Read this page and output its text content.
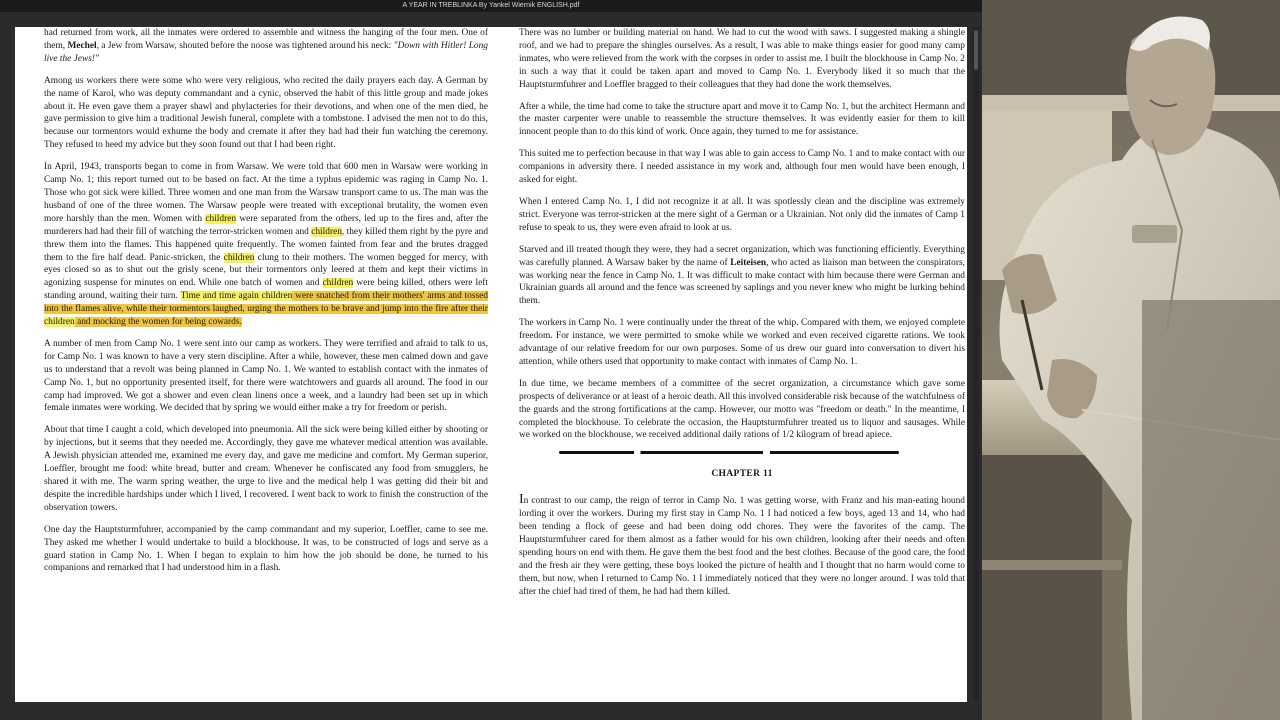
A YEAR IN TREBLINKA By Yankel Wiernik ENGLISH.pdf

had returned from work, all the inmates were ordered to assemble and witness the hanging of the four men. One of them, Mechel, a Jew from Warsaw, shouted before the noose was tightened around his neck: "Down with Hitler! Long live the Jews!"

Among us workers there were some who were very religious, who recited the daily prayers each day. A German by the name of Karol, who was deputy commandant and a cynic, observed the habit of this little group and made jokes about it. He even gave them a prayer shawl and phylacteries for their devotions, and when one of the men died, he gave permission to give him a traditional Jewish funeral, complete with a tombstone. I advised the men not to do this, because our tormentors would exhume the body and cremate it after they had had their fun watching the ceremony. They refused to heed my advice but they soon found out that I had been right.

In April, 1943, transports began to come in from Warsaw. We were told that 600 men in Warsaw were working in Camp No. 1; this report turned out to be based on fact. At the time a typhus epidemic was raging in Camp No. 1. Those who got sick were killed. Three women and one man from the Warsaw transport came to us. The man was the husband of one of the three women. The Warsaw people were treated with exceptional brutality, the women even more harshly than the men. Women with children were separated from the others, led up to the fires and, after the murderers had had their fill of watching the terror-stricken women and children, they killed them right by the pyre and threw them into the flames. This happened quite frequently. The women fainted from fear and the brutes dragged them to the fire half dead. Panic-stricken, the children clung to their mothers. The women begged for mercy, with eyes closed so as to shut out the grisly scene, but their tormentors only leered at them and kept their victims in agonizing suspense for minutes on end. While one batch of women and children were being killed, others were left standing around, waiting their turn. Time and time again children were snatched from their mothers' arms and tossed into the flames alive, while their tormentors laughed, urging the mothers to be brave and jump into the fire after their children and mocking the women for being cowards.

A number of men from Camp No. 1 were sent into our camp as workers. They were terrified and afraid to talk to us, for Camp No. 1 was known to have a very stern discipline. After a while, however, these men calmed down and gave us to understand that a revolt was being planned in Camp No. 1. We wanted to establish contact with the inmates of Camp No. 1, but no opportunity presented itself, for there were watchtowers and guards all around. The food in our camp had improved. We got a shower and even clean linens once a week, and a laundry had been set up in which female inmates were working. We decided that by spring we would either make a try for freedom or perish.

About that time I caught a cold, which developed into pneumonia. All the sick were being killed either by shooting or by injections, but it seems that they needed me. Accordingly, they gave me whatever medical attention was available. A Jewish physician attended me, examined me every day, and gave me medicine and comfort. My German superior, Loeffler, brought me food: white bread, butter and cream. Whenever he confiscated any food from smugglers, he shared it with me. The warm spring weather, the urge to live and the medical help I was getting did their bit and despite the incredible hardships under which I lived, I recovered. I went back to work to finish the construction of the observation towers.

One day the Hauptsturmfuhrer, accompanied by the camp commandant and my superior, Loeffler, came to see me. They asked me whether I would undertake to build a blockhouse. It was, to be constructed of logs and serve as a guard station in Camp No. 1. When I began to explain to him how the job should be done, he turned to his companions and remarked that I had understood him in a flash.

There was no lumber or building material on hand. We had to cut the wood with saws. I suggested making a shingle roof, and we had to prepare the shingles ourselves. As a result, I was able to make things easier for good many camp inmates, who were relieved from the work with the corpses in order to assist me. I built the blockhouse in Camp No. 2 in such a way that it could be taken apart and moved to Camp No. 1. Everybody liked it so much that the Hauptsturmfuhrer and Loeffler bragged to their colleagues that they had done the work themselves.

After a while, the time had come to take the structure apart and move it to Camp No. 1, but the architect Hermann and the master carpenter were unable to reassemble the structure themselves. It was evidently easier for them to kill innocent people than to do this kind of work. Once again, they turned to me for assistance.

This suited me to perfection because in that way I was able to gain access to Camp No. 1 and to make contact with our companions in adversity there. I needed assistance in my work and, although four men would have been enough, I asked for eight.

When I entered Camp No. 1, I did not recognize it at all. It was spotlessly clean and the discipline was extremely strict. Everyone was terror-stricken at the mere sight of a German or a Ukrainian. Not only did the inmates of Camp 1 refuse to speak to us, they were even afraid to look at us.

Starved and ill treated though they were, they had a secret organization, which was functioning efficiently. Everything was carefully planned. A Warsaw baker by the name of Leiteisen, who acted as liaison man between the conspirators, was working near the fence in Camp No. 1. It was difficult to make contact with him because there were German and Ukrainian guards all around and the fence was screened by saplings and you never knew who might be lurking behind them.

The workers in Camp No. 1 were continually under the threat of the whip. Compared with them, we enjoyed complete freedom. For instance, we were permitted to smoke while we worked and even received cigarette rations. We took advantage of our relative freedom for our own purposes. Some of us drew our guard into conversation to divert his attention, while others used that opportunity to make contact with inmates of Camp No. 1.

In due time, we became members of a committee of the secret organization, a circumstance which gave some prospects of deliverance or at least of a heroic death. All this involved considerable risk because of the watchfulness of the guards and the strong fortifications at the camp. However, our motto was "freedom or death." In the meantime, I completed the blockhouse. To celebrate the occasion, the Hauptsturmfuhrer treated us to liquor and sausages. While we worked on the blockhouse, we received additional daily rations of 1/2 kilogram of bread apiece.

CHAPTER 11

In contrast to our camp, the reign of terror in Camp No. 1 was getting worse, with Franz and his man-eating hound lording it over the workers. During my first stay in Camp No. 1 I had noticed a few boys, aged 13 and 14, who had been tending a flock of geese and had been doing odd chores. They were the favorites of the camp. The Hauptsturmfuhrer cared for them almost as a father would for his own children, looking after their needs and often spending hours on end with them. He gave them the best food and the best clothes. Because of the good care, the food and the fresh air they were getting, these boys looked the picture of health and I thought that no harm would come to them, but now, when I returned to Camp No. 1 I immediately noticed that they were no longer around. I was told that after the chief had tired of them, he had had them killed.
